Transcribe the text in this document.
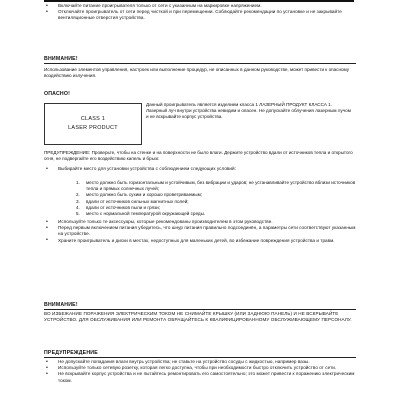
• Включайте питание проигрывателя только от сети с указанным на маркировке напряжением.
• Отключайте проигрыватель от сети перед чисткой и при перемещении. Соблюдайте рекомендации по установке и не закрывайте вентиляционные отверстия устройства.
ВНИМАНИЕ!

Использование элементов управления, настроек или выполнение процедур, не описанных в данном руководстве, может привести к опасному воздействию излучения.

ОПАСНО!
CLASS 1
LASER PRODUCT

Данный проигрыватель является изделием класса 1 ЛАЗЕРНЫЙ ПРОДУКТ КЛАССА 1. Лазерный луч внутри устройства невидим и опасен. Не допускайте облучения лазерным лучом и не вскрывайте корпус устройства.

ПРЕДУПРЕЖДЕНИЕ: Проверьте, чтобы на стенке и на поверхности не было влаги. Держите устройство вдали от источников тепла и открытого огня, не подвергайте его воздействию капель и брызг.

• Выбирайте место для установки устройства с соблюдением следующих условий:
1. место должно быть горизонтальным и устойчивым, без вибрации и ударов; не устанавливайте устройство вблизи источников тепла и прямых солнечных лучей;
2. место должно быть сухим и хорошо проветриваемым;
3. вдали от источников сильных магнитных полей;
4. вдали от источников пыли и грязи;
5. место с нормальной температурой окружающей среды.
• Используйте только те аксессуары, которые рекомендованы производителем в этом руководстве.
• Перед первым включением питания убедитесь, что шнур питания правильно подсоединён, а параметры сети соответствуют указанным на устройстве.
• Храните проигрыватель и диски в местах, недоступных для маленьких детей, во избежание повреждения устройства и травм.
ВНИМАНИЕ!

ВО ИЗБЕЖАНИЕ ПОРАЖЕНИЯ ЭЛЕКТРИЧЕСКИМ ТОКОМ НЕ СНИМАЙТЕ КРЫШКУ (ИЛИ ЗАДНЮЮ ПАНЕЛЬ) И НЕ ВСКРЫВАЙТЕ УСТРОЙСТВО. ДЛЯ ОБСЛУЖИВАНИЯ ИЛИ РЕМОНТА ОБРАЩАЙТЕСЬ К КВАЛИФИЦИРОВАННОМУ ОБСЛУЖИВАЮЩЕМУ ПЕРСОНАЛУ.

ПРЕДУПРЕЖДЕНИЕ
• Не допускайте попадания влаги внутрь устройства; не ставьте на устройство сосуды с жидкостью, например вазы.
• Используйте только сетевую розетку, которая легко доступна, чтобы при необходимости быстро отключить устройство от сети.
• Не вскрывайте корпус устройства и не пытайтесь ремонтировать его самостоятельно; это может привести к поражению электрическим током.
